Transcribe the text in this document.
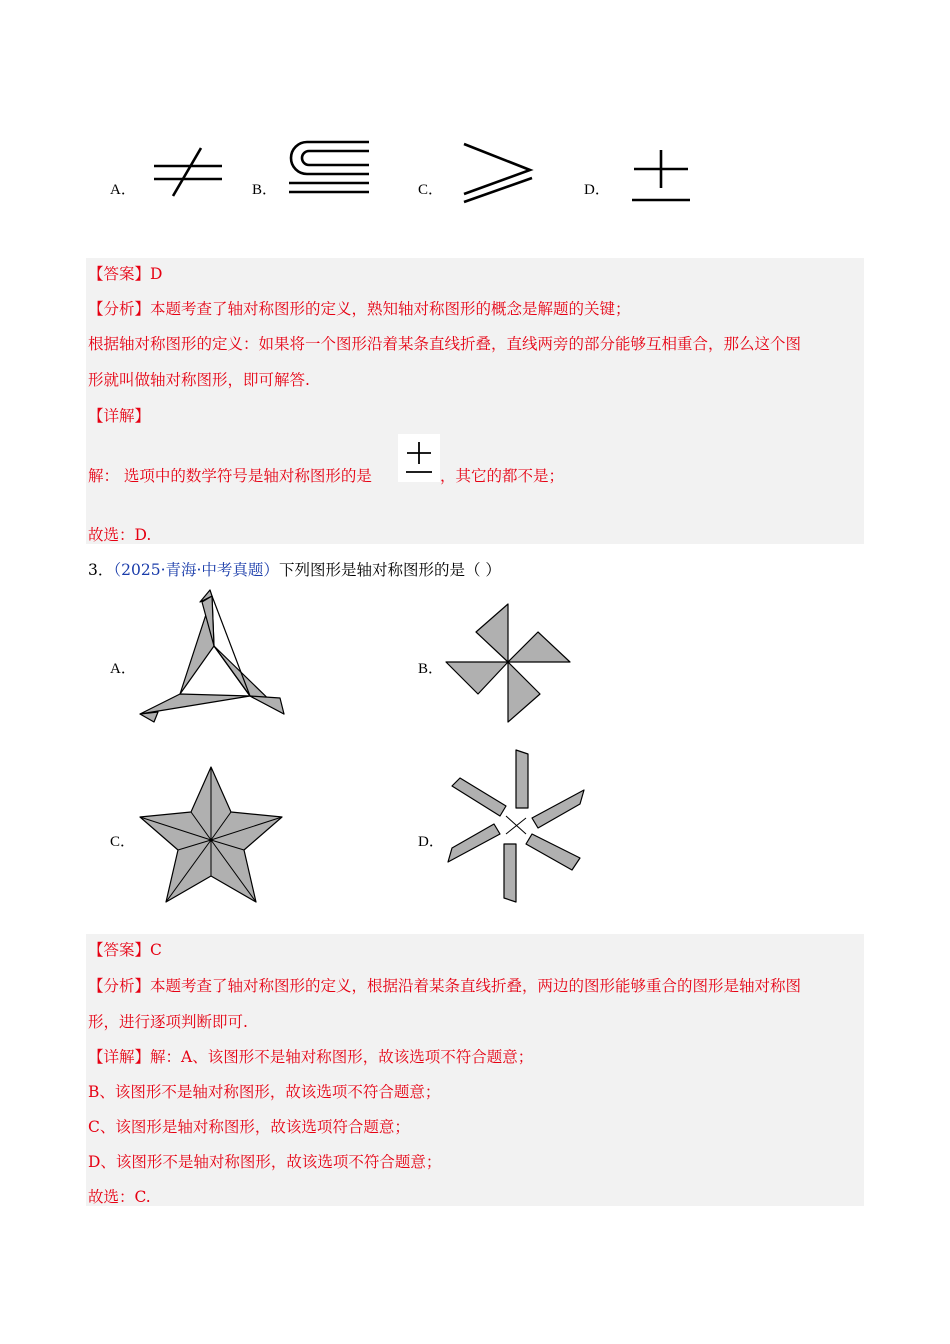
A．	B．	C．	D．
【答案】D
【分析】本题考查了轴对称图形的定义，熟知轴对称图形的概念是解题的关键；
根据轴对称图形的定义：如果将一个图形沿着某条直线折叠，直线两旁的部分能够互相重合，那么这个图
形就叫做轴对称图形，即可解答.
【详解】
解： 选项中的数学符号是轴对称图形的是	，其它的都不是；
故选：D.
3．（2025·青海·中考真题）下列图形是轴对称图形的是（ ）
A．	B．
C．	D．
【答案】C
【分析】本题考查了轴对称图形的定义，根据沿着某条直线折叠，两边的图形能够重合的图形是轴对称图
形，进行逐项判断即可.
【详解】解：A、该图形不是轴对称图形，故该选项不符合题意；
B、该图形不是轴对称图形，故该选项不符合题意；
C、该图形是轴对称图形，故该选项符合题意；
D、该图形不是轴对称图形，故该选项不符合题意；
故选：C.
